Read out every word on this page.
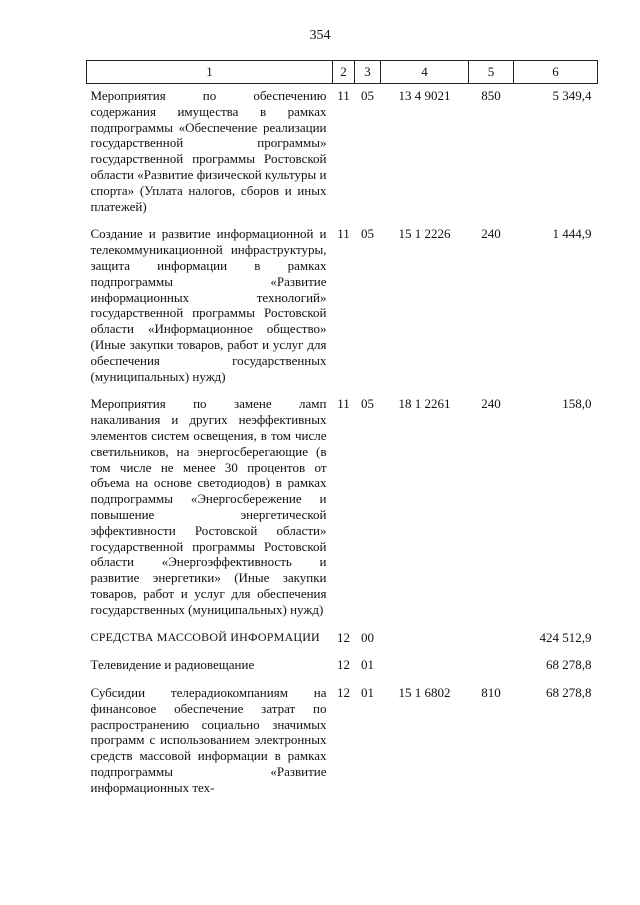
354
1	2	3	4	5	6
Мероприятия по обеспечению содержания имущества в рамках подпрограммы «Обеспечение реализации государственной программы» государственной программы Ростовской области «Развитие физической культуры и спорта» (Уплата налогов, сборов и иных платежей)	11	05	13 4 9021	850	5 349,4
Создание и развитие информационной и телекоммуникационной инфраструктуры, защита информации в рамках подпрограммы «Развитие информационных технологий» государственной программы Ростовской области «Информационное общество» (Иные закупки товаров, работ и услуг для обеспечения государственных (муниципальных) нужд)	11	05	15 1 2226	240	1 444,9
Мероприятия по замене ламп накаливания и других неэффективных элементов систем освещения, в том числе светильников, на энергосберегающие (в том числе не менее 30 процентов от объема на основе светодиодов) в рамках подпрограммы «Энергосбережение и повышение энергетической эффективности Ростовской области» государственной программы Ростовской области «Энергоэффективность и развитие энергетики» (Иные закупки товаров, работ и услуг для обеспечения государственных (муниципальных) нужд)	11	05	18 1 2261	240	158,0
СРЕДСТВА МАССОВОЙ ИНФОРМАЦИИ	12	00			424 512,9
Телевидение и радиовещание	12	01			68 278,8
Субсидии телерадиокомпаниям на финансовое обеспечение затрат по распространению социально значимых программ с использованием электронных средств массовой информации в рамках подпрограммы «Развитие информационных тех-	12	01	15 1 6802	810	68 278,8
